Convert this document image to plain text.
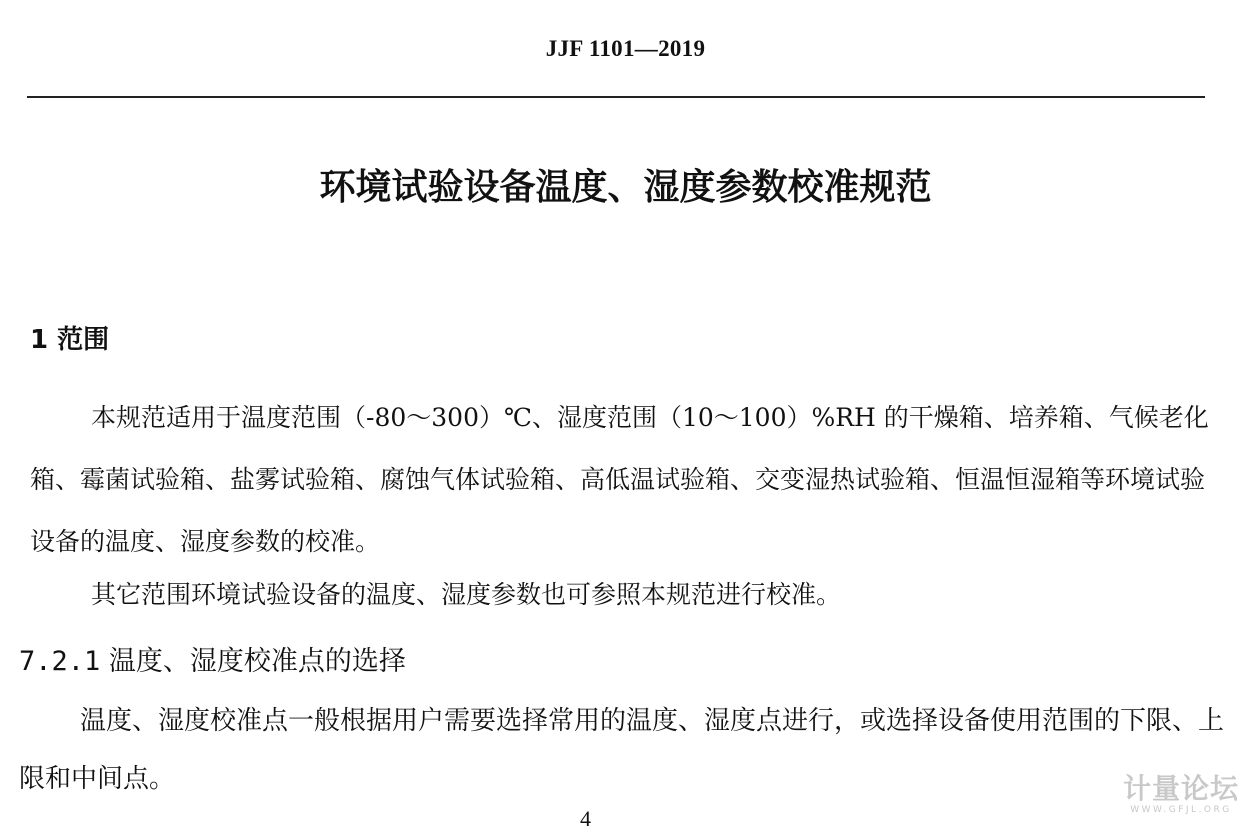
JJF 1101—2019
环境试验设备温度、湿度参数校准规范
1 范围

本规范适用于温度范围（-80～300）℃、湿度范围（10～100）%RH 的干燥箱、培养箱、气候老化箱、霉菌试验箱、盐雾试验箱、腐蚀气体试验箱、高低温试验箱、交变湿热试验箱、恒温恒湿箱等环境试验设备的温度、湿度参数的校准。

其它范围环境试验设备的温度、湿度参数也可参照本规范进行校准。

7.2.1 温度、湿度校准点的选择

温度、湿度校准点一般根据用户需要选择常用的温度、湿度点进行，或选择设备使用范围的下限、上限和中间点。

4
计量论坛
WWW.GFJL.ORG
